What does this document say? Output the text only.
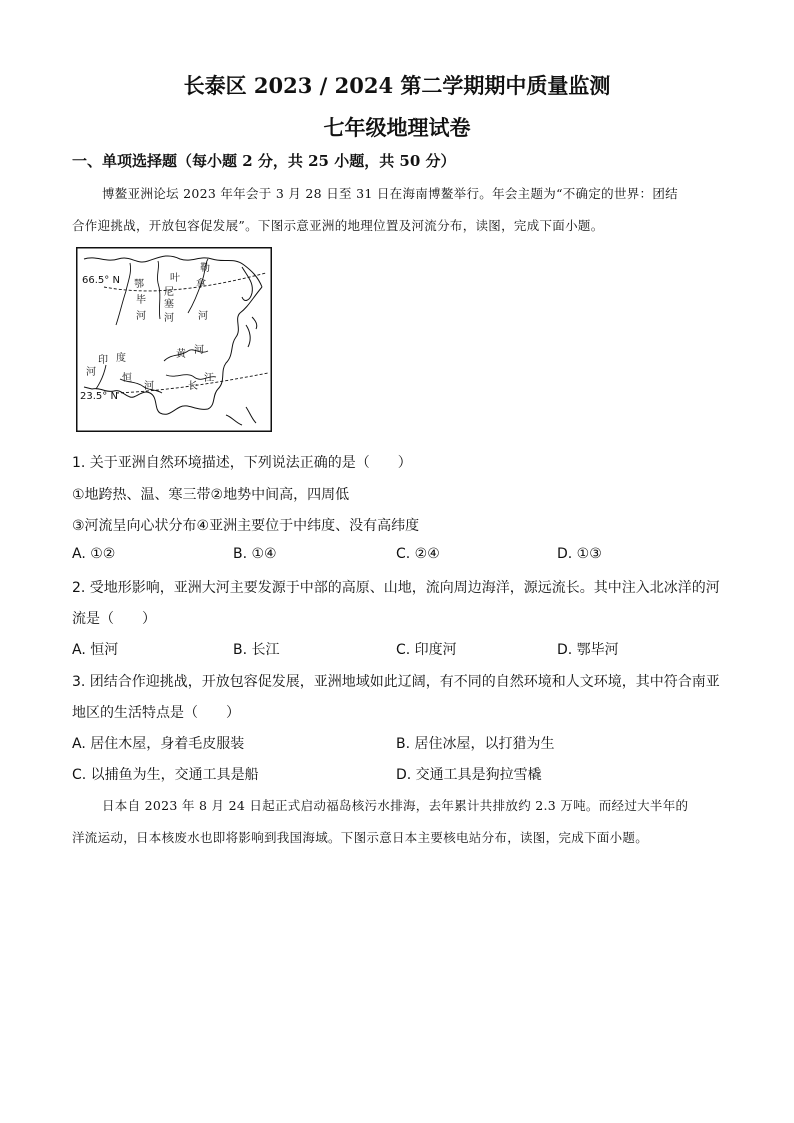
长泰区 2023 / 2024 第二学期期中质量监测
七年级地理试卷
一、单项选择题（每小题 2 分，共 25 小题，共 50 分）
博鳌亚洲论坛 2023 年年会于 3 月 28 日至 31 日在海南博鳌举行。年会主题为“不确定的世界：团结
合作迎挑战，开放包容促发展”。下图示意亚洲的地理位置及河流分布，读图，完成下面小题。
66.5° N
23.5° N
鄂
毕
河
叶
尼
塞
河
勒
拿
河
黄 河
长
江
印 度
河
恒
河
1. 关于亚洲自然环境描述，下列说法正确的是（　　）
①地跨热、温、寒三带②地势中间高，四周低
③河流呈向心状分布④亚洲主要位于中纬度、没有高纬度
A. ①②	B. ①④	C. ②④	D. ①③
2. 受地形影响，亚洲大河主要发源于中部的高原、山地，流向周边海洋，源远流长。其中注入北冰洋的河
流是（　　）
A. 恒河	B. 长江	C. 印度河	D. 鄂毕河
3. 团结合作迎挑战，开放包容促发展，亚洲地域如此辽阔，有不同的自然环境和人文环境，其中符合南亚
地区的生活特点是（　　）
A. 居住木屋，身着毛皮服装	B. 居住冰屋，以打猎为生
C. 以捕鱼为生，交通工具是船	D. 交通工具是狗拉雪橇
日本自 2023 年 8 月 24 日起正式启动福岛核污水排海，去年累计共排放约 2.3 万吨。而经过大半年的
洋流运动，日本核废水也即将影响到我国海域。下图示意日本主要核电站分布，读图，完成下面小题。
